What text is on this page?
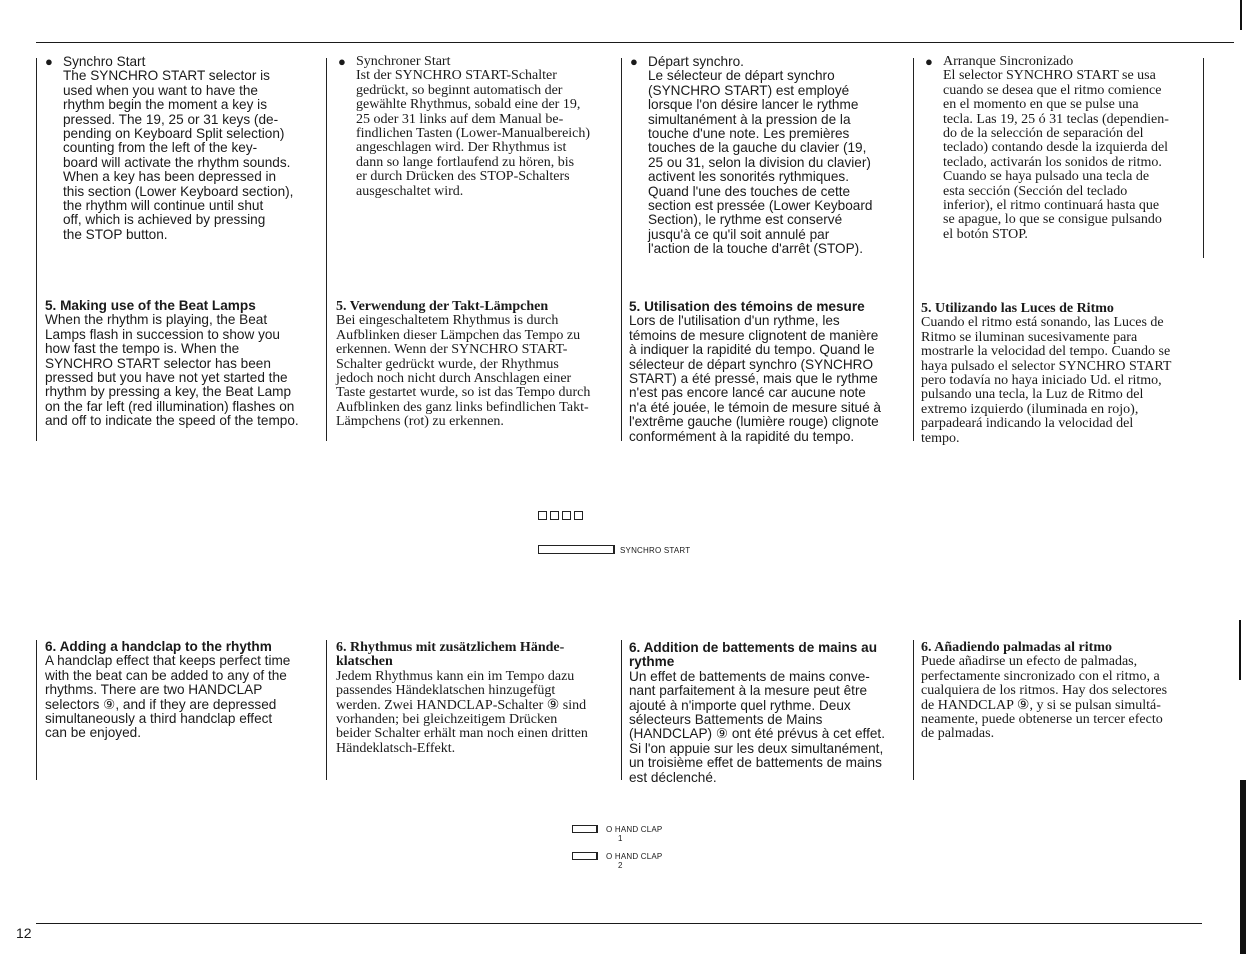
● Synchro Start
The SYNCHRO START selector is
used when you want to have the
rhythm begin the moment a key is
pressed. The 19, 25 or 31 keys (de-
pending on Keyboard Split selection)
counting from the left of the key-
board will activate the rhythm sounds.
When a key has been depressed in
this section (Lower Keyboard section),
the rhythm will continue until shut
off, which is achieved by pressing
the STOP button.
5. Making use of the Beat Lamps
When the rhythm is playing, the Beat
Lamps flash in succession to show you
how fast the tempo is. When the
SYNCHRO START selector has been
pressed but you have not yet started the
rhythm by pressing a key, the Beat Lamp
on the far left (red illumination) flashes on
and off to indicate the speed of the tempo.
6. Adding a handclap to the rhythm
A handclap effect that keeps perfect time
with the beat can be added to any of the
rhythms. There are two HANDCLAP
selectors ⑨, and if they are depressed
simultaneously a third handclap effect
can be enjoyed.
● Synchroner Start
Ist der SYNCHRO START-Schalter
gedrückt, so beginnt automatisch der
gewählte Rhythmus, sobald eine der 19,
25 oder 31 links auf dem Manual be-
findlichen Tasten (Lower-Manualbereich)
angeschlagen wird. Der Rhythmus ist
dann so lange fortlaufend zu hören, bis
er durch Drücken des STOP-Schalters
ausgeschaltet wird.
5. Verwendung der Takt-Lämpchen
Bei eingeschaltetem Rhythmus is durch
Aufblinken dieser Lämpchen das Tempo zu
erkennen. Wenn der SYNCHRO START-
Schalter gedrückt wurde, der Rhythmus
jedoch noch nicht durch Anschlagen einer
Taste gestartet wurde, so ist das Tempo durch
Aufblinken des ganz links befindlichen Takt-
Lämpchens (rot) zu erkennen.
6. Rhythmus mit zusätzlichem Hände-
klatschen
Jedem Rhythmus kann ein im Tempo dazu
passendes Händeklatschen hinzugefügt
werden. Zwei HANDCLAP-Schalter ⑨ sind
vorhanden; bei gleichzeitigem Drücken
beider Schalter erhält man noch einen dritten
Händeklatsch-Effekt.
● Départ synchro.
Le sélecteur de départ synchro
(SYNCHRO START) est employé
lorsque l'on désire lancer le rythme
simultanément à la pression de la
touche d'une note. Les premières
touches de la gauche du clavier (19,
25 ou 31, selon la division du clavier)
activent les sonorités rythmiques.
Quand l'une des touches de cette
section est pressée (Lower Keyboard
Section), le rythme est conservé
jusqu'à ce qu'il soit annulé par
l'action de la touche d'arrêt (STOP).
5. Utilisation des témoins de mesure
Lors de l'utilisation d'un rythme, les
témoins de mesure clignotent de manière
à indiquer la rapidité du tempo. Quand le
sélecteur de départ synchro (SYNCHRO
START) a été pressé, mais que le rythme
n'est pas encore lancé car aucune note
n'a été jouée, le témoin de mesure situé à
l'extrême gauche (lumière rouge) clignote
conformément à la rapidité du tempo.
6. Addition de battements de mains au
rythme
Un effet de battements de mains conve-
nant parfaitement à la mesure peut être
ajouté à n'importe quel rythme. Deux
sélecteurs Battements de Mains
(HANDCLAP) ⑨ ont été prévus à cet effet.
Si l'on appuie sur les deux simultanément,
un troisième effet de battements de mains
est déclenché.
● Arranque Sincronizado
El selector SYNCHRO START se usa
cuando se desea que el ritmo comience
en el momento en que se pulse una
tecla. Las 19, 25 ó 31 teclas (dependien-
do de la selección de separación del
teclado) contando desde la izquierda del
teclado, activarán los sonidos de ritmo.
Cuando se haya pulsado una tecla de
esta sección (Sección del teclado
inferior), el ritmo continuará hasta que
se apague, lo que se consigue pulsando
el botón STOP.
5. Utilizando las Luces de Ritmo
Cuando el ritmo está sonando, las Luces de
Ritmo se iluminan sucesivamente para
mostrarle la velocidad del tempo. Cuando se
haya pulsado el selector SYNCHRO START
pero todavía no haya iniciado Ud. el ritmo,
pulsando una tecla, la Luz de Ritmo del
extremo izquierdo (iluminada en rojo),
parpadeará indicando la velocidad del
tempo.
6. Añadiendo palmadas al ritmo
Puede añadirse un efecto de palmadas,
perfectamente sincronizado con el ritmo, a
cualquiera de los ritmos. Hay dos selectores
de HANDCLAP ⑨, y si se pulsan simultá-
neamente, puede obtenerse un tercer efecto
de palmadas.
SYNCHRO START
O HAND CLAP
1
O HAND CLAP
2
12
